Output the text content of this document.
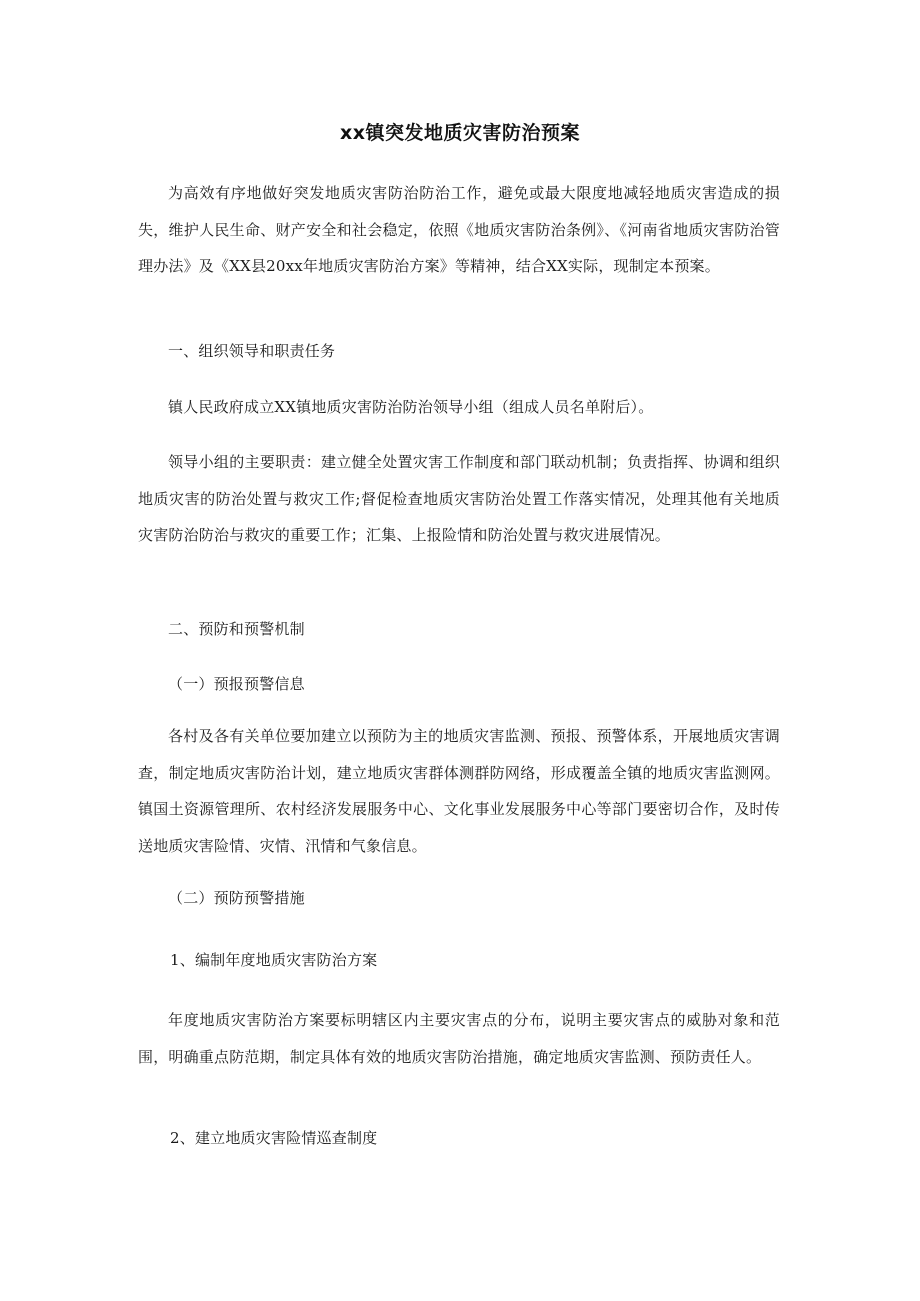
xx镇突发地质灾害防治预案

为高效有序地做好突发地质灾害防治防治工作，避免或最大限度地减轻地质灾害造成的损失，维护人民生命、财产安全和社会稳定，依照《地质灾害防治条例》、《河南省地质灾害防治管理办法》及《XX县20xx年地质灾害防治方案》等精神，结合XX实际，现制定本预案。

一、组织领导和职责任务

镇人民政府成立XX镇地质灾害防治防治领导小组（组成人员名单附后）。

领导小组的主要职责：建立健全处置灾害工作制度和部门联动机制；负责指挥、协调和组织地质灾害的防治处置与救灾工作;督促检查地质灾害防治处置工作落实情况，处理其他有关地质灾害防治防治与救灾的重要工作；汇集、上报险情和防治处置与救灾进展情况。

二、预防和预警机制

（一）预报预警信息

各村及各有关单位要加建立以预防为主的地质灾害监测、预报、预警体系，开展地质灾害调查，制定地质灾害防治计划，建立地质灾害群体测群防网络，形成覆盖全镇的地质灾害监测网。镇国土资源管理所、农村经济发展服务中心、文化事业发展服务中心等部门要密切合作，及时传送地质灾害险情、灾情、汛情和气象信息。

（二）预防预警措施

1、编制年度地质灾害防治方案

年度地质灾害防治方案要标明辖区内主要灾害点的分布，说明主要灾害点的威胁对象和范围，明确重点防范期，制定具体有效的地质灾害防治措施，确定地质灾害监测、预防责任人。

2、建立地质灾害险情巡查制度
